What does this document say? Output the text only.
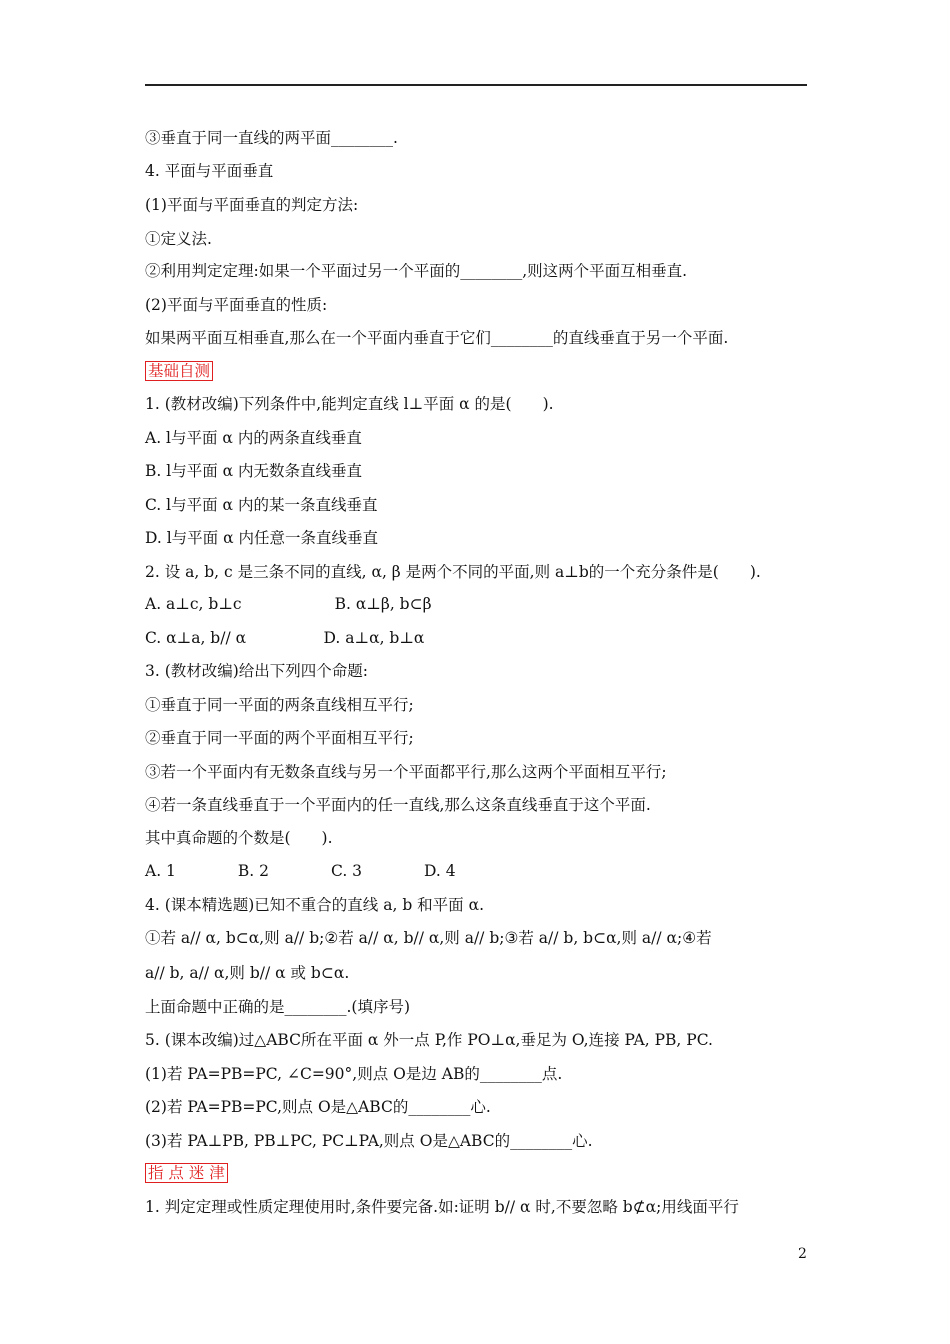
③垂直于同一直线的两平面________.
4. 平面与平面垂直
(1)平面与平面垂直的判定方法:
①定义法.
②利用判定定理:如果一个平面过另一个平面的________,则这两个平面互相垂直.
(2)平面与平面垂直的性质:
如果两平面互相垂直,那么在一个平面内垂直于它们________的直线垂直于另一个平面.
基础自测
1. (教材改编)下列条件中,能判定直线 l⊥平面 α 的是(　　).
A. l与平面 α 内的两条直线垂直
B. l与平面 α 内无数条直线垂直
C. l与平面 α 内的某一条直线垂直
D. l与平面 α 内任意一条直线垂直
2. 设 a, b, c 是三条不同的直线, α, β 是两个不同的平面,则 a⊥b的一个充分条件是(　　).
A. a⊥c, b⊥c　　　　　　B. α⊥β, b⊂β
C. α⊥a, b// α　　　　　D. a⊥α, b⊥α
3. (教材改编)给出下列四个命题:
①垂直于同一平面的两条直线相互平行;
②垂直于同一平面的两个平面相互平行;
③若一个平面内有无数条直线与另一个平面都平行,那么这两个平面相互平行;
④若一条直线垂直于一个平面内的任一直线,那么这条直线垂直于这个平面.
其中真命题的个数是(　　).
A. 1　　　　B. 2　　　　C. 3　　　　D. 4
4. (课本精选题)已知不重合的直线 a, b 和平面 α.
①若 a// α, b⊂α,则 a// b;②若 a// α, b// α,则 a// b;③若 a// b, b⊂α,则 a// α;④若
a// b, a// α,则 b// α 或 b⊂α.
上面命题中正确的是________.(填序号)
5. (课本改编)过△ABC所在平面 α 外一点 P,作 PO⊥α,垂足为 O,连接 PA, PB, PC.
(1)若 PA=PB=PC, ∠C=90°,则点 O是边 AB的________点.
(2)若 PA=PB=PC,则点 O是△ABC的________心.
(3)若 PA⊥PB, PB⊥PC, PC⊥PA,则点 O是△ABC的________心.
指 点 迷 津
1. 判定定理或性质定理使用时,条件要完备.如:证明 b// α 时,不要忽略 b⊄α;用线面平行
2
